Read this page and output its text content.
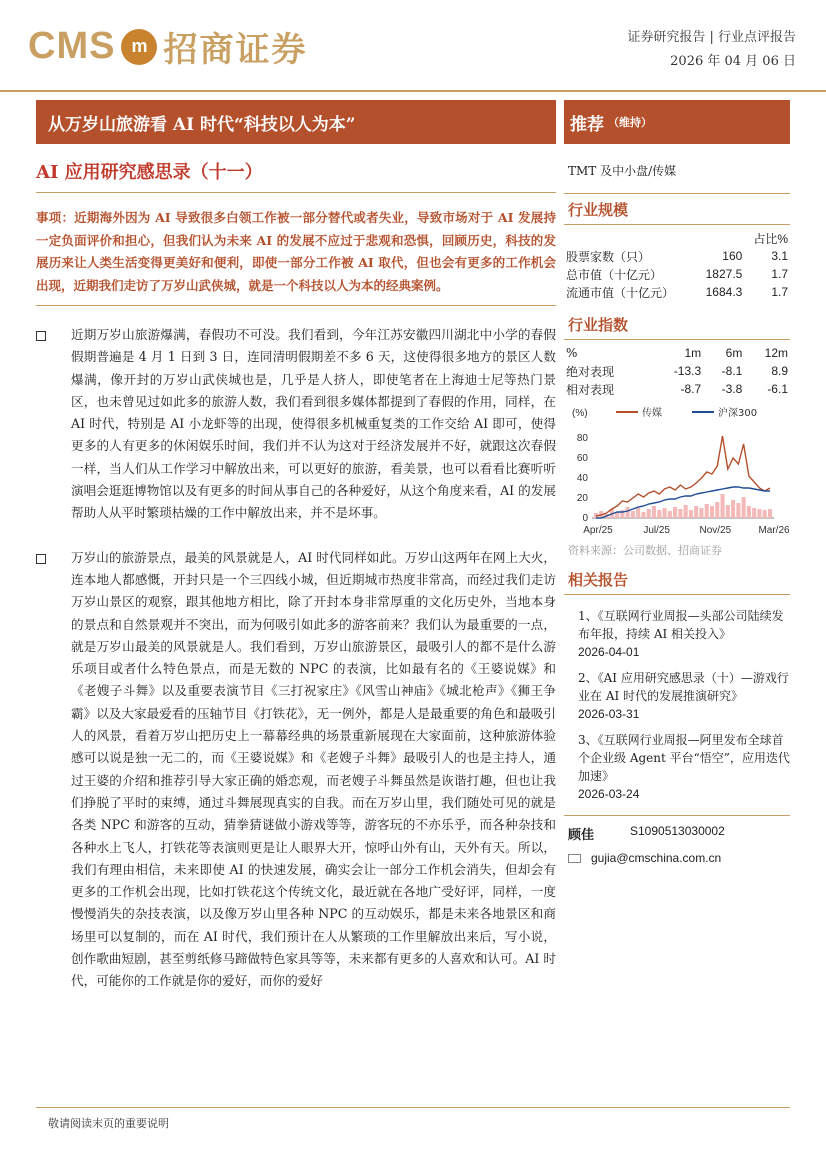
CMS m 招商证券	证券研究报告 | 行业点评报告
2026 年 04 月 06 日
从万岁山旅游看 AI 时代“科技以人为本”
AI 应用研究感思录（十一）
事项：近期海外因为 AI 导致很多白领工作被一部分替代或者失业，导致市场对于 AI 发展持一定负面评价和担心，但我们认为未来 AI 的发展不应过于悲观和恐惧，回顾历史，科技的发展历来让人类生活变得更美好和便利，即使一部分工作被 AI 取代，但也会有更多的工作机会出现，近期我们走访了万岁山武侠城，就是一个科技以人为本的经典案例。
近期万岁山旅游爆满，春假功不可没。我们看到，今年江苏安徽四川湖北中小学的春假假期普遍是 4 月 1 日到 3 日，连同清明假期差不多 6 天，这使得很多地方的景区人数爆满，像开封的万岁山武侠城也是，几乎是人挤人，即使笔者在上海迪士尼等热门景区，也未曾见过如此多的旅游人数，我们看到很多媒体都提到了春假的作用，同样，在 AI 时代，特别是 AI 小龙虾等的出现，使得很多机械重复类的工作交给 AI 即可，使得更多的人有更多的休闲娱乐时间，我们并不认为这对于经济发展并不好，就跟这次春假一样，当人们从工作学习中解放出来，可以更好的旅游，看美景，也可以看看比赛听听演唱会逛逛博物馆以及有更多的时间从事自己的各种爱好，从这个角度来看，AI 的发展帮助人从平时繁琐枯燥的工作中解放出来，并不是坏事。
万岁山的旅游景点，最美的风景就是人，AI 时代同样如此。万岁山这两年在网上大火，连本地人都感慨，开封只是一个三四线小城，但近期城市热度非常高，而经过我们走访万岁山景区的观察，跟其他地方相比，除了开封本身非常厚重的文化历史外，当地本身的景点和自然景观并不突出，而为何吸引如此多的游客前来？我们认为最重要的一点，就是万岁山最美的风景就是人。我们看到，万岁山旅游景区，最吸引人的都不是什么游乐项目或者什么特色景点，而是无数的 NPC 的表演，比如最有名的《王婆说媒》和《老嫂子斗舞》以及重要表演节目《三打祝家庄》《风雪山神庙》《城北枪声》《狮王争霸》以及大家最爱看的压轴节目《打铁花》，无一例外，都是人是最重要的角色和最吸引人的风景，看着万岁山把历史上一幕幕经典的场景重新展现在大家面前，这种旅游体验感可以说是独一无二的，而《王婆说媒》和《老嫂子斗舞》最吸引人的也是主持人，通过王婆的介绍和推荐引导大家正确的婚恋观，而老嫂子斗舞虽然是诙谐打趣，但也让我们挣脱了平时的束缚，通过斗舞展现真实的自我。而在万岁山里，我们随处可见的就是各类 NPC 和游客的互动，猜拳猜谜做小游戏等等，游客玩的不亦乐乎，而各种杂技和各种水上飞人，打铁花等表演则更是让人眼界大开，惊呼山外有山，天外有天。所以，我们有理由相信，未来即使 AI 的快速发展，确实会让一部分工作机会消失，但却会有更多的工作机会出现，比如打铁花这个传统文化，最近就在各地广受好评，同样，一度慢慢消失的杂技表演，以及像万岁山里各种 NPC 的互动娱乐，都是未来各地景区和商场里可以复制的，而在 AI 时代，我们预计在人从繁琐的工作里解放出来后，写小说，创作歌曲短剧，甚至剪纸修马蹄做特色家具等等，未来都有更多的人喜欢和认可。AI 时代，可能你的工作就是你的爱好，而你的爱好
推荐 （维持）
TMT 及中小盘/传媒
行业规模
		占比%
股票家数（只）	160	3.1
总市值（十亿元）	1827.5	1.7
流通市值（十亿元）	1684.3	1.7
行业指数
%	1m	6m	12m
绝对表现	-13.3	-8.1	8.9
相对表现	-8.7	-3.8	-6.1
(%)	传媒	沪深300
0
20
40
60
80
Apr/25	Jul/25	Nov/25	Mar/26
资料来源：公司数据、招商证券
相关报告
1、《互联网行业周报—头部公司陆续发布年报，持续 AI 相关投入》
2026-04-01
2、《AI 应用研究感思录（十）—游戏行业在 AI 时代的发展推演研究》
2026-03-31
3、《互联网行业周报—阿里发布全球首个企业级 Agent 平台“悟空”，应用迭代加速》
2026-03-24
顾佳	S1090513030002
gujia@cmschina.com.cn
敬请阅读末页的重要说明
